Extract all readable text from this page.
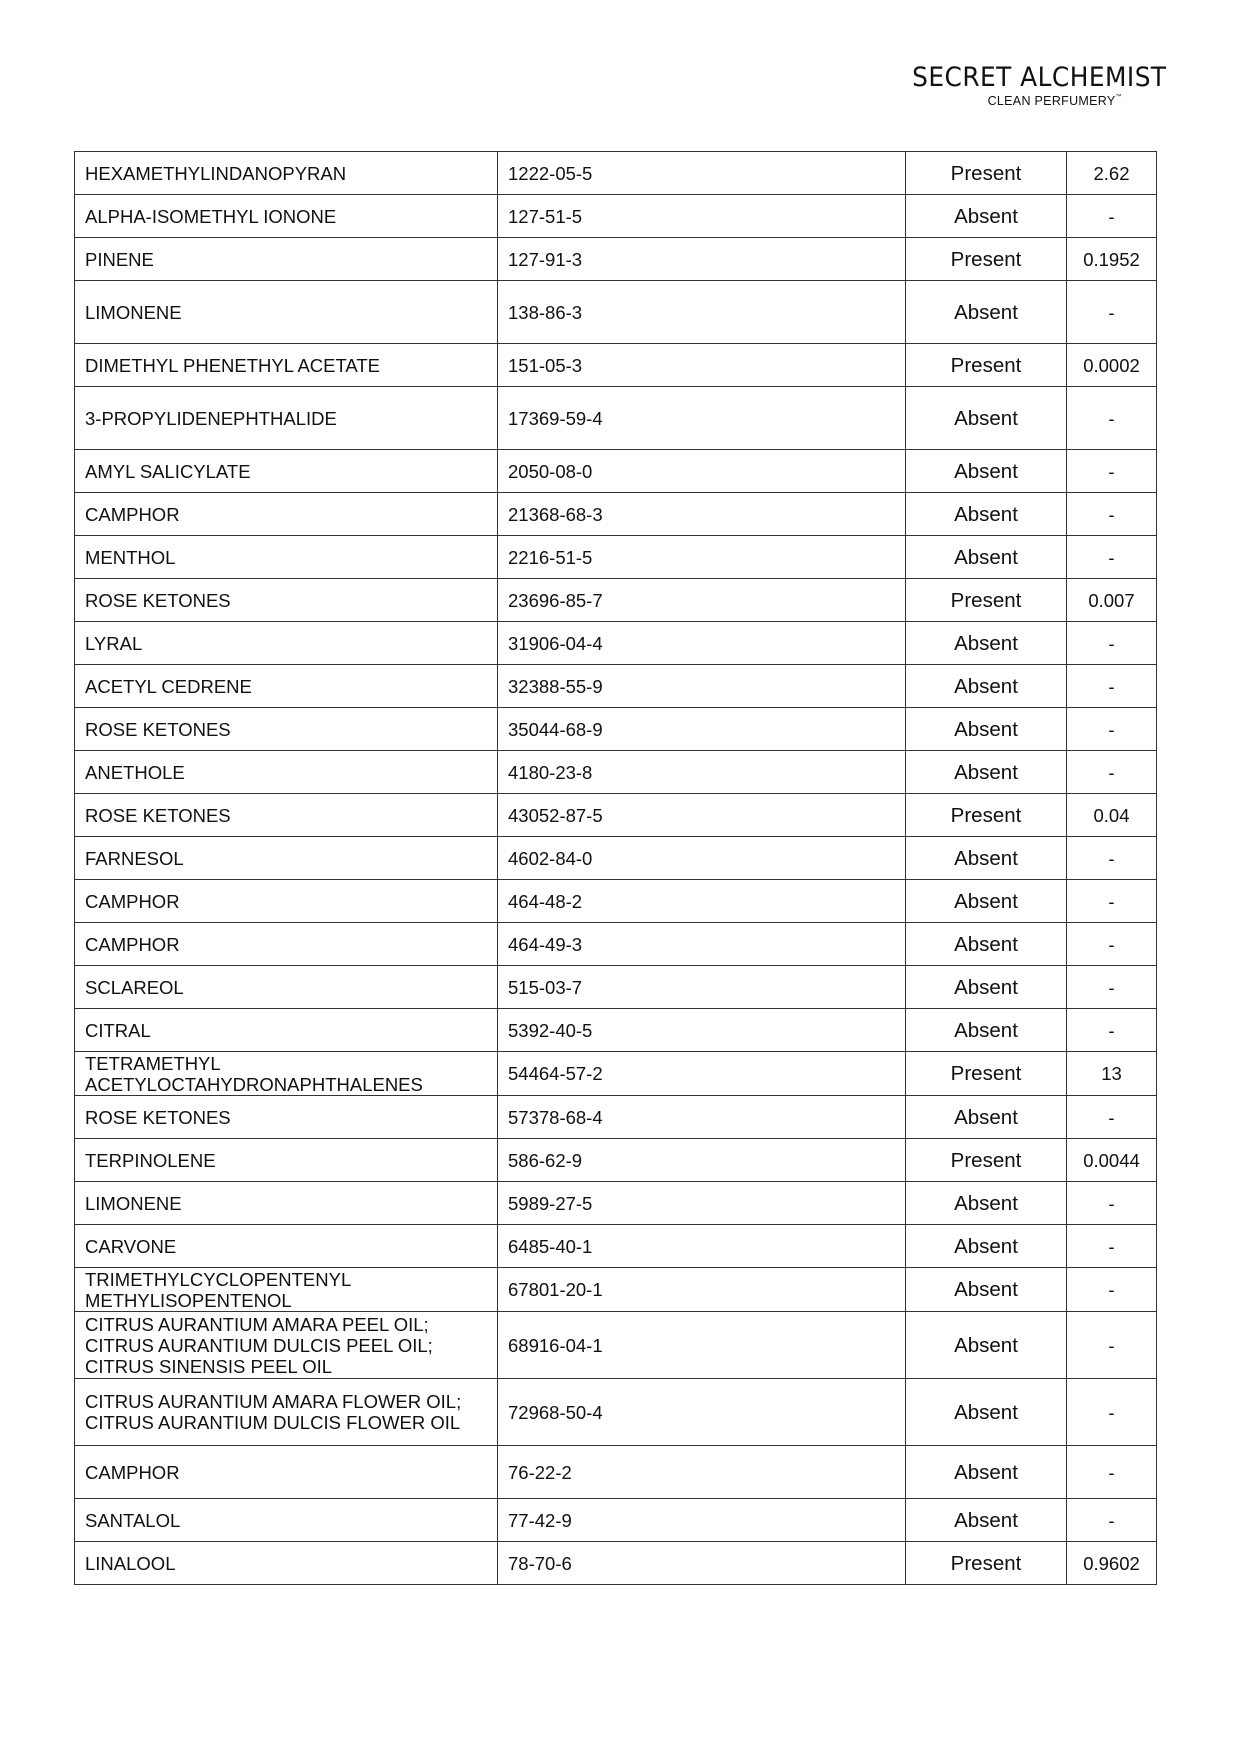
SECRET ALCHEMIST
CLEAN PERFUMERY™
HEXAMETHYLINDANOPYRAN	1222-05-5	Present	2.62
ALPHA-ISOMETHYL IONONE	127-51-5	Absent	-
PINENE	127-91-3	Present	0.1952
LIMONENE	138-86-3	Absent	-
DIMETHYL PHENETHYL ACETATE	151-05-3	Present	0.0002
3-PROPYLIDENEPHTHALIDE	17369-59-4	Absent	-
AMYL SALICYLATE	2050-08-0	Absent	-
CAMPHOR	21368-68-3	Absent	-
MENTHOL	2216-51-5	Absent	-
ROSE KETONES	23696-85-7	Present	0.007
LYRAL	31906-04-4	Absent	-
ACETYL CEDRENE	32388-55-9	Absent	-
ROSE KETONES	35044-68-9	Absent	-
ANETHOLE	4180-23-8	Absent	-
ROSE KETONES	43052-87-5	Present	0.04
FARNESOL	4602-84-0	Absent	-
CAMPHOR	464-48-2	Absent	-
CAMPHOR	464-49-3	Absent	-
SCLAREOL	515-03-7	Absent	-
CITRAL	5392-40-5	Absent	-
TETRAMETHYL ACETYLOCTAHYDRONAPHTHALENES	54464-57-2	Present	13
ROSE KETONES	57378-68-4	Absent	-
TERPINOLENE	586-62-9	Present	0.0044
LIMONENE	5989-27-5	Absent	-
CARVONE	6485-40-1	Absent	-
TRIMETHYLCYCLOPENTENYL METHYLISOPENTENOL	67801-20-1	Absent	-
CITRUS AURANTIUM AMARA PEEL OIL; CITRUS AURANTIUM DULCIS PEEL OIL; CITRUS SINENSIS PEEL OIL	68916-04-1	Absent	-
CITRUS AURANTIUM AMARA FLOWER OIL; CITRUS AURANTIUM DULCIS FLOWER OIL	72968-50-4	Absent	-
CAMPHOR	76-22-2	Absent	-
SANTALOL	77-42-9	Absent	-
LINALOOL	78-70-6	Present	0.9602
